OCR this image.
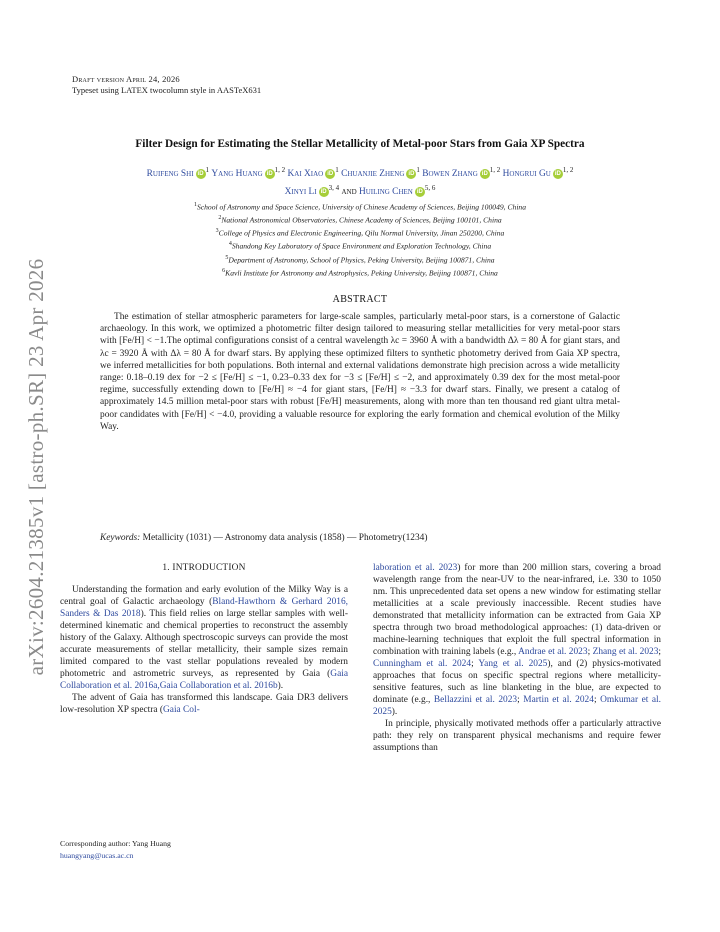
arXiv:2604.21385v1 [astro-ph.SR] 23 Apr 2026
Draft version April 24, 2026
Typeset using LATEX twocolumn style in AASTeX631
Filter Design for Estimating the Stellar Metallicity of Metal-poor Stars from Gaia XP Spectra
Ruifeng Shi iD $^1$ Yang Huang iD $^{1, 2}$ Kai Xiao iD $^1$ Chuanjie Zheng iD $^1$ Bowen Zhang iD $^{1, 2}$ Hongrui Gu iD $^{1, 2}$
Xinyi Li iD $^{3, 4}$ and Huiling Chen iD $^{5, 6}$
$^1$School of Astronomy and Space Science, University of Chinese Academy of Sciences, Beijing 100049, China
$^2$National Astronomical Observatories, Chinese Academy of Sciences, Beijing 100101, China
$^3$College of Physics and Electronic Engineering, Qilu Normal University, Jinan 250200, China
$^4$Shandong Key Laboratory of Space Environment and Exploration Technology, China
$^5$Department of Astronomy, School of Physics, Peking University, Beijing 100871, China
$^6$Kavli Institute for Astronomy and Astrophysics, Peking University, Beijing 100871, China
ABSTRACT
The estimation of stellar atmospheric parameters for large-scale samples, particularly metal-poor stars, is a cornerstone of Galactic archaeology. In this work, we optimized a photometric filter design tailored to measuring stellar metallicities for very metal-poor stars with [Fe/H] < −1.The optimal configurations consist of a central wavelength λc = 3960 Å with a bandwidth Δλ = 80 Å for giant stars, and λc = 3920 Å with Δλ = 80 Å for dwarf stars. By applying these optimized filters to synthetic photometry derived from Gaia XP spectra, we inferred metallicities for both populations. Both internal and external validations demonstrate high precision across a wide metallicity range: 0.18–0.19 dex for −2 ≤ [Fe/H] ≤ −1, 0.23–0.33 dex for −3 ≤ [Fe/H] ≤ −2, and approximately 0.39 dex for the most metal-poor regime, successfully extending down to [Fe/H] ≈ −4 for giant stars, [Fe/H] ≈ −3.3 for dwarf stars. Finally, we present a catalog of approximately 14.5 million metal-poor stars with robust [Fe/H] measurements, along with more than ten thousand red giant ultra metal-poor candidates with [Fe/H] < −4.0, providing a valuable resource for exploring the early formation and chemical evolution of the Milky Way.
Keywords: Metallicity (1031) — Astronomy data analysis (1858) — Photometry(1234)
1. INTRODUCTION

Understanding the formation and early evolution of the Milky Way is a central goal of Galactic archaeology (Bland-Hawthorn & Gerhard 2016, Sanders & Das 2018). This field relies on large stellar samples with well-determined kinematic and chemical properties to reconstruct the assembly history of the Galaxy. Although spectroscopic surveys can provide the most accurate measurements of stellar metallicity, their sample sizes remain limited compared to the vast stellar populations revealed by modern photometric and astrometric surveys, as represented by Gaia (Gaia Collaboration et al. 2016a,Gaia Collaboration et al. 2016b).

The advent of Gaia has transformed this landscape. Gaia DR3 delivers low-resolution XP spectra (Gaia Col-

laboration et al. 2023) for more than 200 million stars, covering a broad wavelength range from the near-UV to the near-infrared, i.e. 330 to 1050 nm. This unprecedented data set opens a new window for estimating stellar metallicities at a scale previously inaccessible. Recent studies have demonstrated that metallicity information can be extracted from Gaia XP spectra through two broad methodological approaches: (1) data-driven or machine-learning techniques that exploit the full spectral information in combination with training labels (e.g., Andrae et al. 2023; Zhang et al. 2023; Cunningham et al. 2024; Yang et al. 2025), and (2) physics-motivated approaches that focus on specific spectral regions where metallicity-sensitive features, such as line blanketing in the blue, are expected to dominate (e.g., Bellazzini et al. 2023; Martin et al. 2024; Omkumar et al. 2025).

In principle, physically motivated methods offer a particularly attractive path: they rely on transparent physical mechanisms and require fewer assumptions than

Corresponding author: Yang Huang
huangyang@ucas.ac.cn
